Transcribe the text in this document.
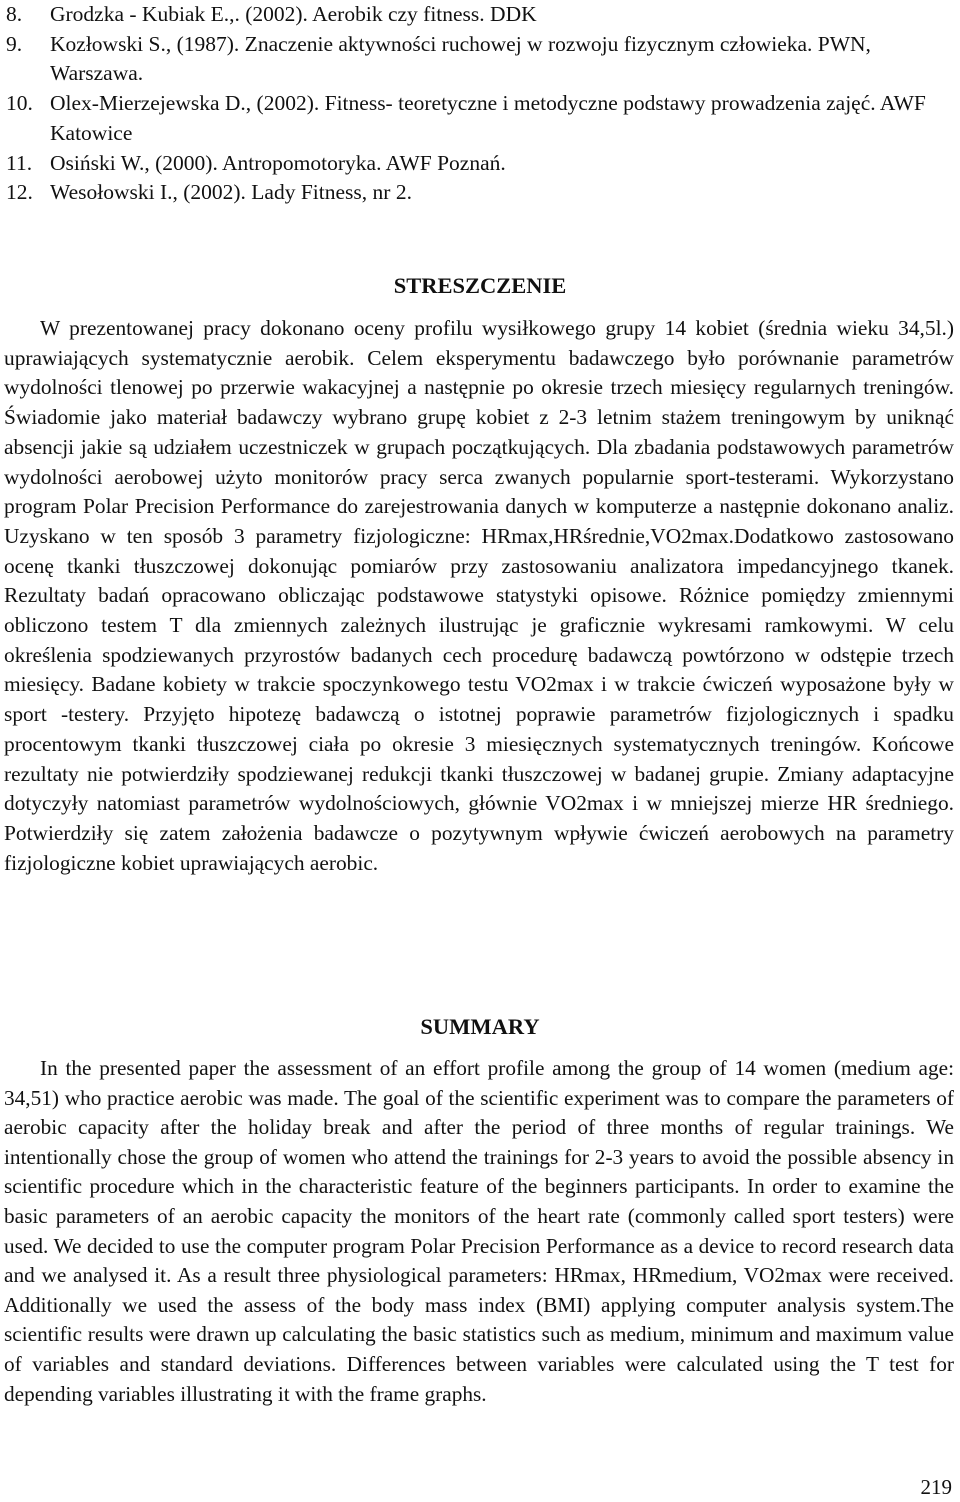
8.	Grodzka - Kubiak E.,. (2002). Aerobik czy fitness. DDK
9.	Kozłowski S., (1987). Znaczenie aktywności ruchowej w rozwoju fizycznym człowieka. PWN, Warszawa.
10. Olex-Mierzejewska D., (2002). Fitness- teoretyczne i metodyczne podstawy prowadzenia zajęć. AWF Katowice
11. Osiński W., (2000). Antropomotoryka. AWF Poznań.
12. Wesołowski I., (2002). Lady Fitness, nr 2.
STRESZCZENIE

W prezentowanej pracy dokonano oceny profilu wysiłkowego grupy 14 kobiet (średnia wieku 34,5l.) uprawiających systematycznie aerobik. Celem eksperymentu badawczego było porównanie parametrów wydolności tlenowej po przerwie wakacyjnej a następnie po okresie trzech miesięcy regularnych treningów. Świadomie jako materiał badawczy wybrano grupę kobiet z 2-3 letnim stażem treningowym by uniknąć absencji jakie są udziałem uczestniczek w grupach początkujących. Dla zbadania podstawowych parametrów wydolności aerobowej użyto monitorów pracy serca zwanych popularnie sport-testerami. Wykorzystano program Polar Precision Performance do zarejestrowania danych w komputerze a następnie dokonano analiz. Uzyskano w ten sposób 3 parametry fizjologiczne: HRmax,HRśrednie,VO2max.Dodatkowo zastosowano ocenę tkanki tłuszczowej dokonując pomiarów przy zastosowaniu analizatora impedancyjnego tkanek. Rezultaty badań opracowano obliczając podstawowe statystyki opisowe. Różnice pomiędzy zmiennymi obliczono testem T dla zmiennych zależnych ilustrując je graficznie wykresami ramkowymi. W celu określenia spodziewanych przyrostów badanych cech procedurę badawczą powtórzono w odstępie trzech miesięcy. Badane kobiety w trakcie spoczynkowego testu VO2max i w trakcie ćwiczeń wyposażone były w sport -testery. Przyjęto hipotezę badawczą o istotnej poprawie parametrów fizjologicznych i spadku procentowym tkanki tłuszczowej ciała po okresie 3 miesięcznych systematycznych treningów. Końcowe rezultaty nie potwierdziły spodziewanej redukcji tkanki tłuszczowej w badanej grupie. Zmiany adaptacyjne dotyczyły natomiast parametrów wydolnościowych, głównie VO2max i w mniejszej mierze HR średniego. Potwierdziły się zatem założenia badawcze o pozytywnym wpływie ćwiczeń aerobowych na parametry fizjologiczne kobiet uprawiających aerobic.

SUMMARY

In the presented paper the assessment of an effort profile among the group of 14 women (medium age: 34,51) who practice aerobic was made. The goal of the scientific experiment was to compare the parameters of aerobic capacity after the holiday break and after the period of three months of regular trainings. We intentionally chose the group of women who attend the trainings for 2-3 years to avoid the possible absency in scientific procedure which in the characteristic feature of the beginners participants. In order to examine the basic parameters of an aerobic capacity the monitors of the heart rate (commonly called sport testers) were used. We decided to use the computer program Polar Precision Performance as a device to record research data and we analysed it. As a result three physiological parameters: HRmax, HRmedium, VO2max were received. Additionally we used the assess of the body mass index (BMI) applying computer analysis system.The scientific results were drawn up calculating the basic statistics such as medium, minimum and maximum value of variables and standard deviations. Differences between variables were calculated using the T test for depending variables illustrating it with the frame graphs.

219
